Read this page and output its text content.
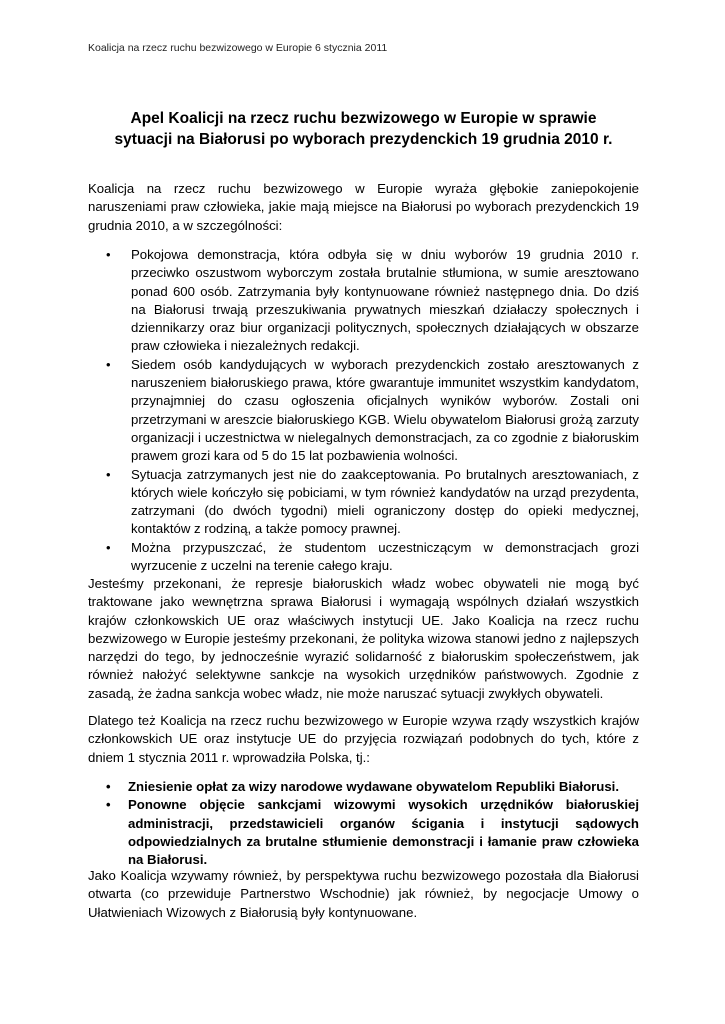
Koalicja na rzecz ruchu bezwizowego w Europie 6 stycznia 2011
Apel Koalicji na rzecz ruchu bezwizowego w Europie w sprawie
sytuacji na Białorusi po wyborach prezydenckich 19 grudnia 2010 r.

Koalicja na rzecz ruchu bezwizowego w Europie wyraża głębokie zaniepokojenie naruszeniami praw człowieka, jakie mają miejsce na Białorusi po wyborach prezydenckich 19 grudnia 2010, a w szczególności:

• Pokojowa demonstracja, która odbyła się w dniu wyborów 19 grudnia 2010 r. przeciwko oszustwom wyborczym została brutalnie stłumiona, w sumie aresztowano ponad 600 osób. Zatrzymania były kontynuowane również następnego dnia. Do dziś na Białorusi trwają przeszukiwania prywatnych mieszkań działaczy społecznych i dziennikarzy oraz biur organizacji politycznych, społecznych działających w obszarze praw człowieka i niezależnych redakcji.
• Siedem osób kandydujących w wyborach prezydenckich zostało aresztowanych z naruszeniem białoruskiego prawa, które gwarantuje immunitet wszystkim kandydatom, przynajmniej do czasu ogłoszenia oficjalnych wyników wyborów. Zostali oni przetrzymani w areszcie białoruskiego KGB. Wielu obywatelom Białorusi grożą zarzuty organizacji i uczestnictwa w nielegalnych demonstracjach, za co zgodnie z białoruskim prawem grozi kara od 5 do 15 lat pozbawienia wolności.
• Sytuacja zatrzymanych jest nie do zaakceptowania. Po brutalnych aresztowaniach, z których wiele kończyło się pobiciami, w tym również kandydatów na urząd prezydenta, zatrzymani (do dwóch tygodni) mieli ograniczony dostęp do opieki medycznej, kontaktów z rodziną, a także pomocy prawnej.
• Można przypuszczać, że studentom uczestniczącym w demonstracjach grozi wyrzucenie z uczelni na terenie całego kraju.

Jesteśmy przekonani, że represje białoruskich władz wobec obywateli nie mogą być traktowane jako wewnętrzna sprawa Białorusi i wymagają wspólnych działań wszystkich krajów członkowskich UE oraz właściwych instytucji UE. Jako Koalicja na rzecz ruchu bezwizowego w Europie jesteśmy przekonani, że polityka wizowa stanowi jedno z najlepszych narzędzi do tego, by jednocześnie wyrazić solidarność z białoruskim społeczeństwem, jak również nałożyć selektywne sankcje na wysokich urzędników państwowych. Zgodnie z zasadą, że żadna sankcja wobec władz, nie może naruszać sytuacji zwykłych obywateli.

Dlatego też Koalicja na rzecz ruchu bezwizowego w Europie wzywa rządy wszystkich krajów członkowskich UE oraz instytucje UE do przyjęcia rozwiązań podobnych do tych, które z dniem 1 stycznia 2011 r. wprowadziła Polska, tj.:

• Zniesienie opłat za wizy narodowe wydawane obywatelom Republiki Białorusi.
• Ponowne objęcie sankcjami wizowymi wysokich urzędników białoruskiej administracji, przedstawicieli organów ścigania i instytucji sądowych odpowiedzialnych za brutalne stłumienie demonstracji i łamanie praw człowieka na Białorusi.

Jako Koalicja wzywamy również, by perspektywa ruchu bezwizowego pozostała dla Białorusi otwarta (co przewiduje Partnerstwo Wschodnie) jak również, by negocjacje Umowy o Ułatwieniach Wizowych z Białorusią były kontynuowane.
